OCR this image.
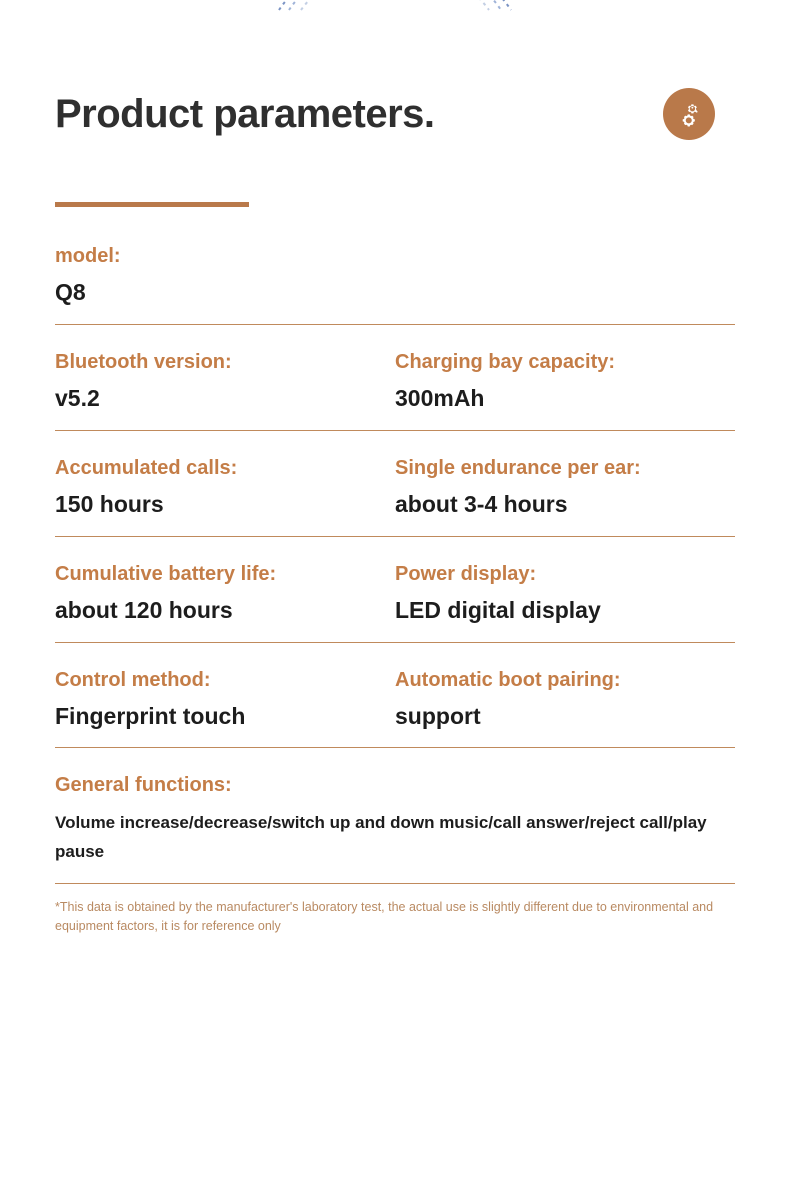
Product parameters.
model:
Q8
Bluetooth version:
v5.2
Charging bay capacity:
300mAh
Accumulated calls:
150 hours
Single endurance per ear:
about 3-4 hours
Cumulative battery life:
about 120 hours
Power display:
LED digital display
Control method:
Fingerprint touch
Automatic boot pairing:
support
General functions:
Volume increase/decrease/switch up and down music/call answer/reject call/play pause
*This data is obtained by the manufacturer's laboratory test, the actual use is slightly different due to environmental and equipment factors, it is for reference only
